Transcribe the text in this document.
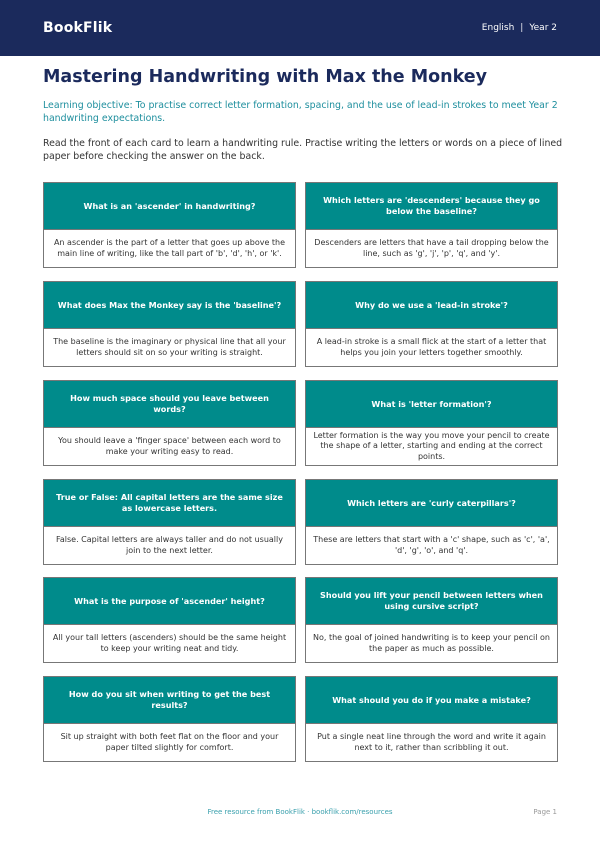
BookFlik	English | Year 2
Mastering Handwriting with Max the Monkey

Learning objective: To practise correct letter formation, spacing, and the use of lead-in strokes to meet Year 2 handwriting expectations.

Read the front of each card to learn a handwriting rule. Practise writing the letters or words on a piece of lined paper before checking the answer on the back.

What is an 'ascender' in handwriting?
An ascender is the part of a letter that goes up above the main line of writing, like the tall part of 'b', 'd', 'h', or 'k'.
Which letters are 'descenders' because they go below the baseline?
Descenders are letters that have a tail dropping below the line, such as 'g', 'j', 'p', 'q', and 'y'.
What does Max the Monkey say is the 'baseline'?
The baseline is the imaginary or physical line that all your letters should sit on so your writing is straight.
Why do we use a 'lead-in stroke'?
A lead-in stroke is a small flick at the start of a letter that helps you join your letters together smoothly.
How much space should you leave between words?
You should leave a 'finger space' between each word to make your writing easy to read.
What is 'letter formation'?
Letter formation is the way you move your pencil to create the shape of a letter, starting and ending at the correct points.
True or False: All capital letters are the same size as lowercase letters.
False. Capital letters are always taller and do not usually join to the next letter.
Which letters are 'curly caterpillars'?
These are letters that start with a 'c' shape, such as 'c', 'a', 'd', 'g', 'o', and 'q'.
What is the purpose of 'ascender' height?
All your tall letters (ascenders) should be the same height to keep your writing neat and tidy.
Should you lift your pencil between letters when using cursive script?
No, the goal of joined handwriting is to keep your pencil on the paper as much as possible.
How do you sit when writing to get the best results?
Sit up straight with both feet flat on the floor and your paper tilted slightly for comfort.
What should you do if you make a mistake?
Put a single neat line through the word and write it again next to it, rather than scribbling it out.
Free resource from BookFlik · bookflik.com/resources	Page 1
